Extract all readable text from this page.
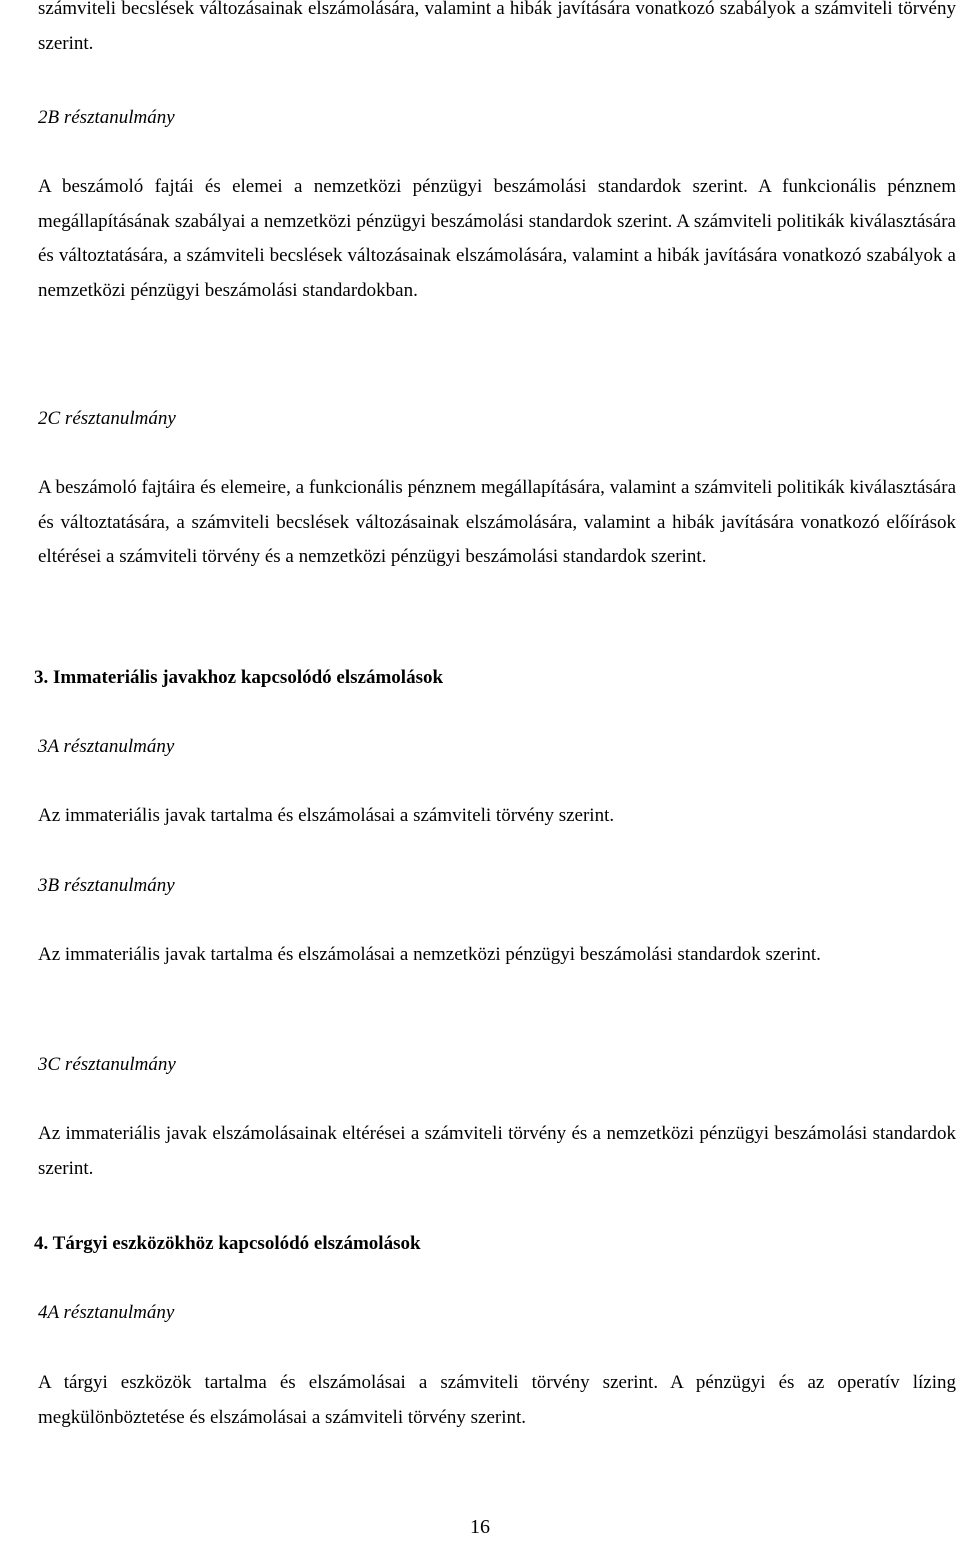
számviteli becslések változásainak elszámolására, valamint a hibák javítására vonatkozó szabályok a számviteli törvény szerint.
2B résztanulmány
A beszámoló fajtái és elemei a nemzetközi pénzügyi beszámolási standardok szerint. A funkcionális pénznem megállapításának szabályai a nemzetközi pénzügyi beszámolási standardok szerint. A számviteli politikák kiválasztására és változtatására, a számviteli becslések változásainak elszámolására, valamint a hibák javítására vonatkozó szabályok a nemzetközi pénzügyi beszámolási standardokban.
2C résztanulmány
A beszámoló fajtáira és elemeire, a funkcionális pénznem megállapítására, valamint a számviteli politikák kiválasztására és változtatására, a számviteli becslések változásainak elszámolására, valamint a hibák javítására vonatkozó előírások eltérései a számviteli törvény és a nemzetközi pénzügyi beszámolási standardok szerint.
3. Immateriális javakhoz kapcsolódó elszámolások
3A résztanulmány
Az immateriális javak tartalma és elszámolásai a számviteli törvény szerint.
3B résztanulmány
Az immateriális javak tartalma és elszámolásai a nemzetközi pénzügyi beszámolási standardok szerint.
3C résztanulmány
Az immateriális javak elszámolásainak eltérései a számviteli törvény és a nemzetközi pénzügyi beszámolási standardok szerint.
4. Tárgyi eszközökhöz kapcsolódó elszámolások
4A résztanulmány
A tárgyi eszközök tartalma és elszámolásai a számviteli törvény szerint. A pénzügyi és az operatív lízing megkülönböztetése és elszámolásai a számviteli törvény szerint.
16
